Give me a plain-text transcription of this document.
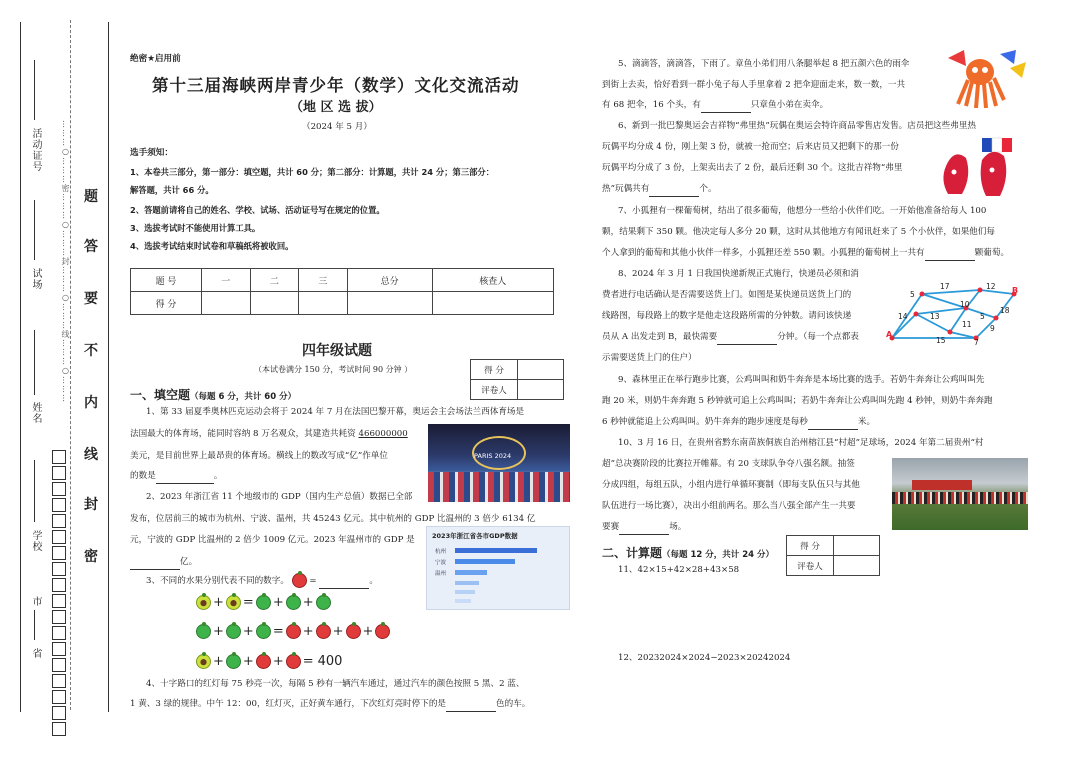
………○………密………○………封………○………线………○………
活动证号
试场
姓名
学校
市
省
题
答
要
不
内
线
封
密
绝密★启用前
第十三届海峡两岸青少年（数学）文化交流活动
（地 区 选 拔）
（2024 年 5 月）
选手须知：
1、本卷共三部分，第一部分：填空题，共计 60 分；第二部分：计算题，共计 24 分；第三部分：
解答题，共计 66 分。
2、答题前请将自己的姓名、学校、试场、活动证号写在规定的位置。
3、选拔考试时不能使用计算工具。
4、选拔考试结束时试卷和草稿纸将被收回。
题 号	一	二	三	总分	核查人
得 分					
四年级试题
（本试卷满分 150 分，考试时间 90 分钟 ）	得 分	
评卷人	
一、填空题（每题 6 分，共计 60 分）
1、第 33 届夏季奥林匹克运动会将于 2024 年 7 月在法国巴黎开幕，奥运会主会场法兰西体育场是
法国最大的体育场，能同时容纳 8 万名观众，其建造共耗资 466000000
美元，是目前世界上最昂贵的体育场。横线上的数改写成“亿”作单位
的数是	。
PARIS 2024
2、2023 年浙江省 11 个地级市的 GDP（国内生产总值）数据已全部
发布，位居前三的城市为杭州、宁波、温州，共 45243 亿元。其中杭州的 GDP 比温州的 3 倍少 6134 亿
元，宁波的 GDP 比温州的 2 倍少 1009 亿元。2023 年温州市的 GDP 是
亿。
2023年浙江省各市GDP数据
杭州
宁波
温州
3、不同的水果分别代表不同的数字。  =	。
+ = + +
+ + = + + +
+ + + = 400
4、十字路口的红灯每 75 秒亮一次，每隔 5 秒有一辆汽车通过，通过汽车的颜色按照 5 黑、2 蓝、
1 黄、3 绿的规律。中午 12：00，红灯灭，正好黄车通行，下次红灯亮时停下的是	色的车。
5、滴滴答，滴滴答，下雨了。章鱼小弟们用八条腿举起 8 把五颜六色的雨伞
到街上去卖，恰好看到一群小兔子每人手里拿着 2 把伞迎面走来，数一数，一共
有 68 把伞，16 个头，有	只章鱼小弟在卖伞。
6、新到一批巴黎奥运会吉祥物“弗里热”玩偶在奥运会特许商品零售店发售。店员把这些弗里热
玩偶平均分成 4 份，刚上架 3 份，就被一抢而空；后来店员又把剩下的那一份
玩偶平均分成了 3 份，上架卖出去了 2 份，最后还剩 30 个。这批吉祥物“弗里
热”玩偶共有	个。
7、小狐狸有一棵葡萄树，结出了很多葡萄，他想分一些给小伙伴们吃。一开始他准备给每人 100
颗，结果剩下 350 颗。他决定每人多分 20 颗，这时从其他地方有闻讯赶来了 5 个小伙伴，如果他们每
个人拿到的葡萄和其他小伙伴一样多，小狐狸还差 550 颗。小狐狸的葡萄树上一共有	颗葡萄。
8、2024 年 3 月 1 日我国快递新规正式施行，快递员必须和消
费者进行电话确认是否需要送货上门。如图是某快递员送货上门的
线路图，每段路上的数字是他走这段路所需的分钟数。请问该快递
员从 A 出发走到 B，最快需要	分钟。（每一个点都表
示需要送货上门的住户）
A
B
5
17	12
10
14	13	5
11
18
9
15	7
9、森林里正在举行跑步比赛，公鸡叫叫和奶牛奔奔是本场比赛的选手。若奶牛奔奔让公鸡叫叫先
跑 20 米，则奶牛奔奔跑 5 秒钟就可追上公鸡叫叫；若奶牛奔奔让公鸡叫叫先跑 4 秒钟，则奶牛奔奔跑
6 秒钟就能追上公鸡叫叫。奶牛奔奔的跑步速度是每秒	米。
10、3 月 16 日，在贵州省黔东南苗族侗族自治州榕江县“村超”足球场，2024 年第二届贵州“村
超”总决赛阶段的比赛拉开帷幕。有 20 支球队争夺八强名额。抽签
分成四组，每组五队，小组内进行单循环赛制（即每支队伍只与其他
队伍进行一场比赛），决出小组前两名。那么当八强全部产生一共要
要赛	场。
二、计算题（每题 12 分，共计 24 分）
得 分	
评卷人	
11、42×15+42×28+43×58
12、20232024×2024−2023×20242024
